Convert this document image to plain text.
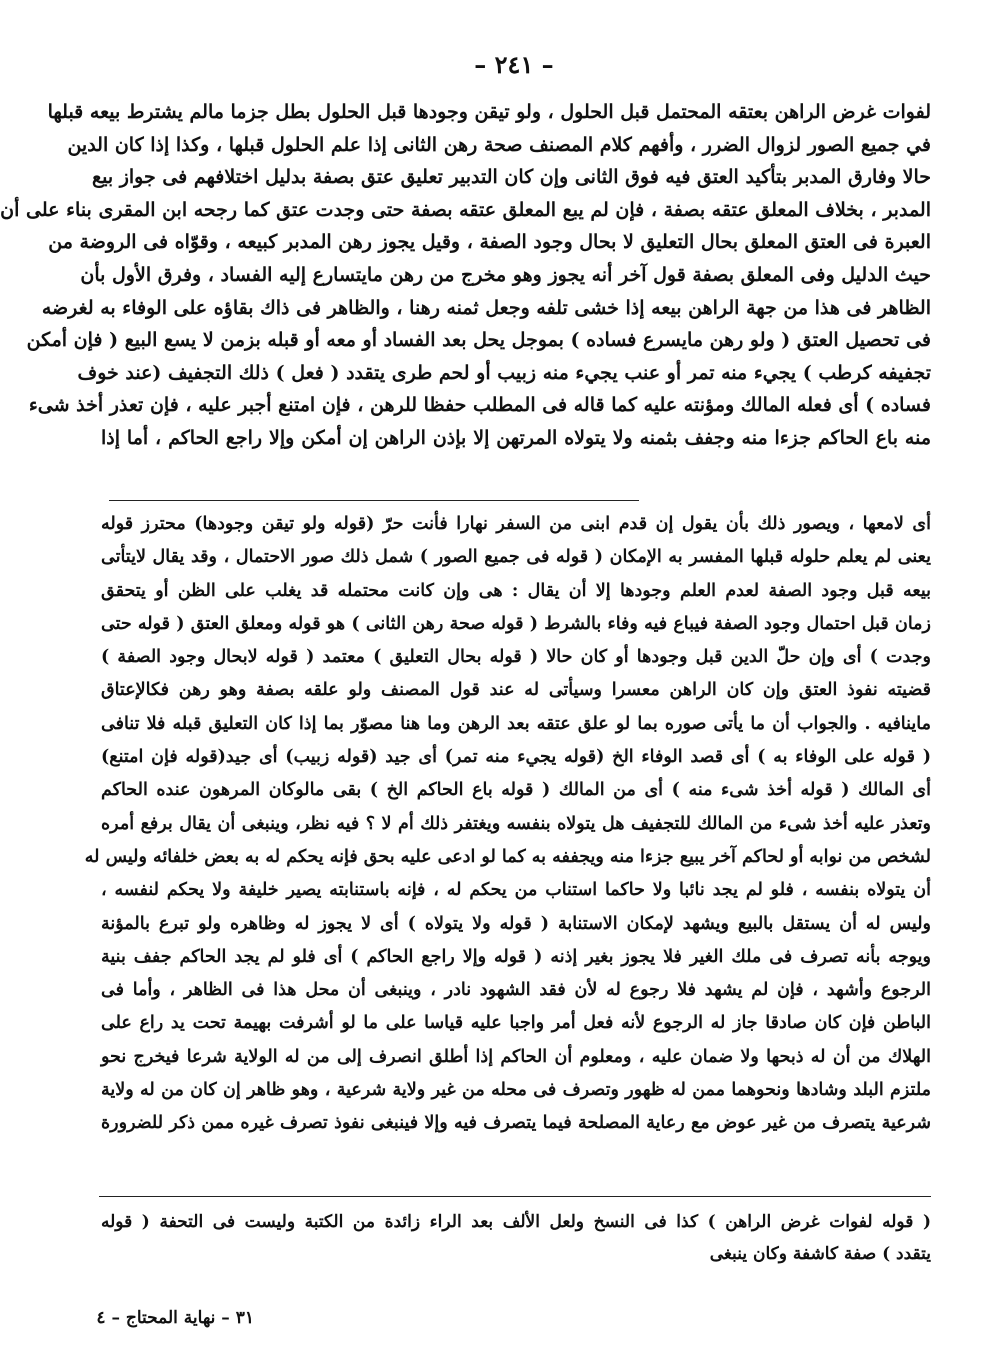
– ٢٤١ –
لفوات غرض الراهن بعتقه المحتمل قبل الحلول ، ولو تيقن وجودها قبل الحلول بطل جزما مالم يشترط بيعه قبلها
في جميع الصور لزوال الضرر ، وأفهم كلام المصنف صحة رهن الثانى إذا علم الحلول قبلها ، وكذا إذا كان الدين
حالا وفارق المدبر بتأكيد العتق فيه فوق الثانى وإن كان التدبير تعليق عتق بصفة بدليل اختلافهم فى جواز بيع
المدبر ، بخلاف المعلق عتقه بصفة ، فإن لم يبع المعلق عتقه بصفة حتى وجدت عتق كما رجحه ابن المقرى بناء على أن
العبرة فى العتق المعلق بحال التعليق لا بحال وجود الصفة ، وقيل يجوز رهن المدبر كبيعه ، وقوّاه فى الروضة من
حيث الدليل وفى المعلق بصفة قول آخر أنه يجوز وهو مخرج من رهن مايتسارع إليه الفساد ، وفرق الأول بأن
الظاهر فى هذا من جهة الراهن بيعه إذا خشى تلفه وجعل ثمنه رهنا ، والظاهر فى ذاك بقاؤه على الوفاء به لغرضه
فى تحصيل العتق ( ولو رهن مايسرع فساده ) بموجل يحل بعد الفساد أو معه أو قبله بزمن لا يسع البيع ( فإن أمكن
تجفيفه كرطب ) يجيء منه تمر أو عنب يجيء منه زبيب أو لحم طرى يتقدد ( فعل ) ذلك التجفيف (عند خوف
فساده ) أى فعله المالك ومؤنته عليه كما قاله فى المطلب حفظا للرهن ، فإن امتنع أجبر عليه ، فإن تعذر أخذ شىء
منه باع الحاكم جزءا منه وجفف بثمنه ولا يتولاه المرتهن إلا بإذن الراهن إن أمكن وإلا راجع الحاكم ، أما إذا
أى لامعها ، ويصور ذلك بأن يقول إن قدم ابنى من السفر نهارا فأنت حرّ (قوله ولو تيقن وجودها) محترز قوله
يعنى لم يعلم حلوله قبلها المفسر به الإمكان ( قوله فى جميع الصور ) شمل ذلك صور الاحتمال ، وقد يقال لايتأتى
بيعه قبل وجود الصفة لعدم العلم وجودها إلا أن يقال : هى وإن كانت محتمله قد يغلب على الظن أو يتحقق
زمان قبل احتمال وجود الصفة فيباع فيه وفاء بالشرط ( قوله صحة رهن الثانى ) هو قوله ومعلق العتق ( قوله حتى
وجدت ) أى وإن حلّ الدين قبل وجودها أو كان حالا ( قوله بحال التعليق ) معتمد ( قوله لابحال وجود الصفة )
قضيته نفوذ العتق وإن كان الراهن معسرا وسيأتى له عند قول المصنف ولو علقه بصفة وهو رهن فكالإعتاق
ماينافيه . والجواب أن ما يأتى صوره بما لو علق عتقه بعد الرهن وما هنا مصوّر بما إذا كان التعليق قبله فلا تنافى
( قوله على الوفاء به ) أى قصد الوفاء الخ (قوله يجيء منه تمر) أى جيد (قوله زبيب) أى جيد(قوله فإن امتنع)
أى المالك ( قوله أخذ شىء منه ) أى من المالك ( قوله باع الحاكم الخ ) بقى مالوكان المرهون عنده الحاكم
وتعذر عليه أخذ شىء من المالك للتجفيف هل يتولاه بنفسه ويغتفر ذلك أم لا ؟ فيه نظر، وينبغى أن يقال برفع أمره
لشخص من نوابه أو لحاكم آخر يبيع جزءا منه ويجففه به كما لو ادعى عليه بحق فإنه يحكم له به بعض خلفائه وليس له
أن يتولاه بنفسه ، فلو لم يجد نائبا ولا حاكما استناب من يحكم له ، فإنه باستنابته يصير خليفة ولا يحكم لنفسه ،
وليس له أن يستقل بالبيع ويشهد لإمكان الاستنابة ( قوله ولا يتولاه ) أى لا يجوز له وظاهره ولو تبرع بالمؤنة
ويوجه بأنه تصرف فى ملك الغير فلا يجوز بغير إذنه ( قوله وإلا راجع الحاكم ) أى فلو لم يجد الحاكم جفف بنية
الرجوع وأشهد ، فإن لم يشهد فلا رجوع له لأن فقد الشهود نادر ، وينبغى أن محل هذا فى الظاهر ، وأما فى
الباطن فإن كان صادقا جاز له الرجوع لأنه فعل أمر واجبا عليه قياسا على ما لو أشرفت بهيمة تحت يد راع على
الهلاك من أن له ذبحها ولا ضمان عليه ، ومعلوم أن الحاكم إذا أطلق انصرف إلى من له الولاية شرعا فيخرج نحو
ملتزم البلد وشادها ونحوهما ممن له ظهور وتصرف فى محله من غير ولاية شرعية ، وهو ظاهر إن كان من له ولاية
شرعية يتصرف من غير عوض مع رعاية المصلحة فيما يتصرف فيه وإلا فينبغى نفوذ تصرف غيره ممن ذكر للضرورة
( قوله لفوات غرض الراهن ) كذا فى النسخ ولعل الألف بعد الراء زائدة من الكتبة وليست فى التحفة ( قوله
يتقدد ) صفة كاشفة وكان ينبغى
٣١ – نهاية المحتاج – ٤
